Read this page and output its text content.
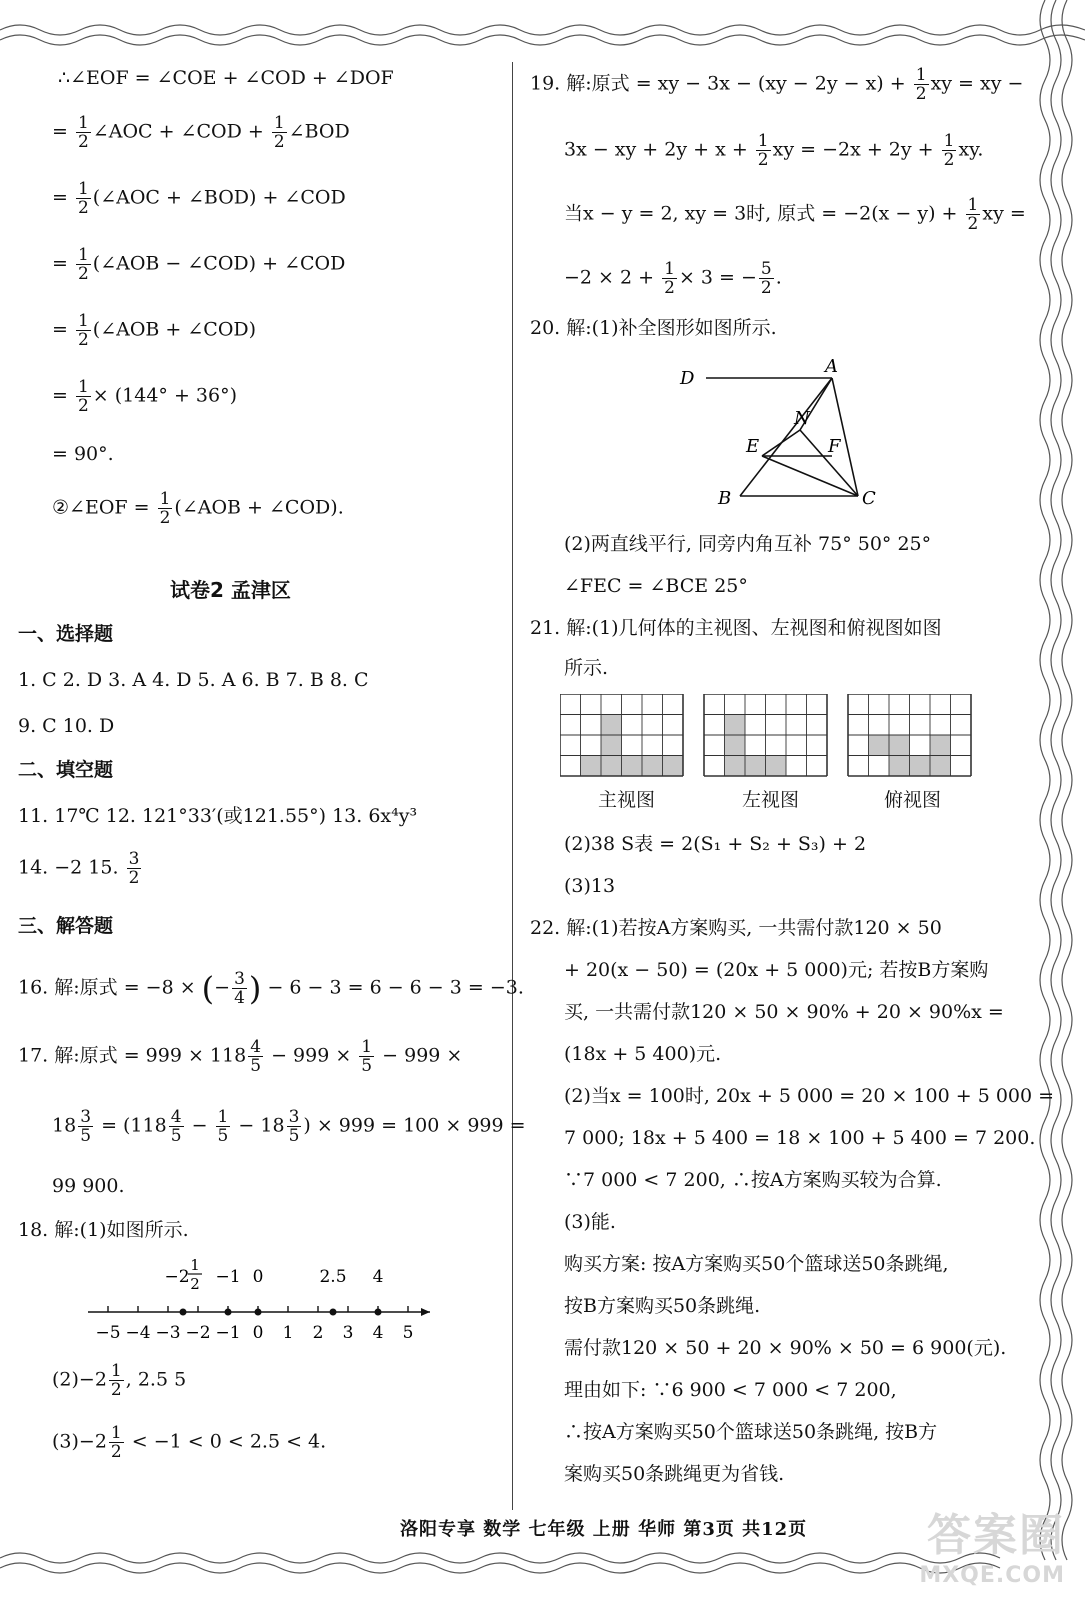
∴∠EOF = ∠COE + ∠COD + ∠DOF
= $\frac{1}{2}$ ∠AOC + ∠COD + $\frac{1}{2}$ ∠BOD
= $\frac{1}{2}$ (∠AOC + ∠BOD) + ∠COD
= $\frac{1}{2}$ (∠AOB − ∠COD) + ∠COD
= $\frac{1}{2}$ (∠AOB + ∠COD)
= $\frac{1}{2} \times (144^\circ + 36^\circ)$
= 90°.
②∠EOF = $\frac{1}{2}$ (∠AOB + ∠COD).
试卷2 孟津区
一、选择题
1. C 2. D 3. A 4. D 5. A 6. B 7. B 8. C
9. C 10. D
二、填空题
11. 17℃ 12. 121°33′(或121.55°) 13. 6x⁴y³
14. −2 15. $\frac{3}{2}$
三、解答题
16. 解:原式 = −8 × (− $\frac{3}{4}$ ) − 6 − 3 = 6 − 6 − 3 = −3.
17. 解:原式 = $999 \times 118 \frac{4}{5} - 999 \times \frac{1}{5} - 999$ ×
$18 \frac{3}{5} = (118 \frac{4}{5} - \frac{1}{5} - 18 \frac{3}{5}$ ) × 999 = 100 × 999 =
99 900.
18. 解:(1)如图所示.
−5 −4 −3 −2 −1 0 1 2 3 4 5
−2
1
2 −1 0	2.5 4
$(2)-2 \frac{1}{2}$ , 2.5 5
$(3)-2 \frac{1}{2} < -1 < 0 < 2.5 < 4$.
19. 解:原式 = xy − $3x - (xy - 2y - x) + \frac{1}{2}$ xy = xy −
3x − xy + $2y + x + \frac{1}{2}$ xy = $-2x + 2y + \frac{1}{2}$ xy.
当x − y = 2, xy = 3时, 原式 = $-2(x - y) + \frac{1}{2}$ xy =
$-2 \times 2 + \frac{1}{2} \times 3$ = − $\frac{5}{2}$ .
20. 解:(1)补全图形如图所示.
D
A
E
N
F
B	C
(2)两直线平行, 同旁内角互补 75° 50° 25°
∠FEC = ∠BCE 25°
21. 解:(1)几何体的主视图、左视图和俯视图如图
所示.
主视图	左视图	俯视图
(2)38 S表 = 2(S₁ + S₂ + S₃) + 2
(3)13
22. 解:(1)若按A方案购买, 一共需付款120 × 50
+ 20(x − 50) = (20x + 5 000)元; 若按B方案购
买, 一共需付款120 × 50 × 90% + 20 × 90%x =
(18x + 5 400)元.
(2)当x = 100时, 20x + 5 000 = 20 × 100 + 5 000 =
7 000; 18x + 5 400 = 18 × 100 + 5 400 = 7 200.
∵7 000 < 7 200, ∴按A方案购买较为合算.
(3)能.
购买方案: 按A方案购买50个篮球送50条跳绳,
按B方案购买50条跳绳.
需付款120 × 50 + 20 × 90% × 50 = 6 900(元).
理由如下: ∵6 900 < 7 000 < 7 200,
∴按A方案购买50个篮球送50条跳绳, 按B方
案购买50条跳绳更为省钱.
洛阳专享 数学 七年级 上册 华师 第3页 共12页	答案圈
MXQE.COM
